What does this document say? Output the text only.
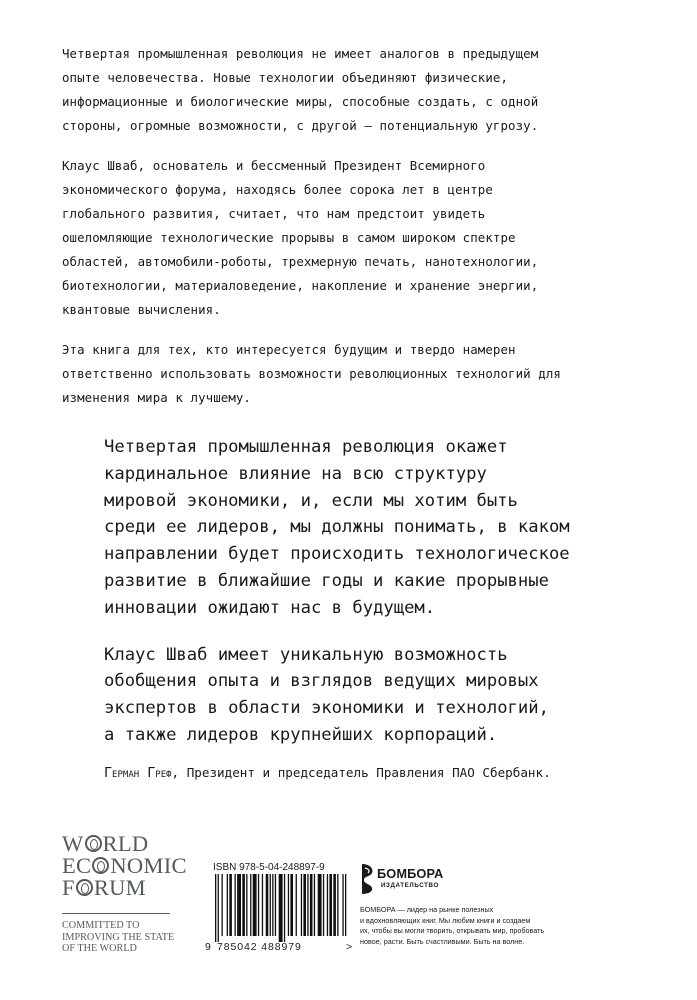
Четвертая промышленная революция не имеет аналогов в предыдущем
опыте человечества. Новые технологии объединяют физические,
информационные и биологические миры, способные создать, с одной
стороны, огромные возможности, с другой – потенциальную угрозу.

Клаус Шваб, основатель и бессменный Президент Всемирного
экономического форума, находясь более сорока лет в центре
глобального развития, считает, что нам предстоит увидеть
ошеломляющие технологические прорывы в самом широком спектре
областей, автомобили-роботы, трехмерную печать, нанотехнологии,
биотехнологии, материаловедение, накопление и хранение энергии,
квантовые вычисления.

Эта книга для тех, кто интересуется будущим и твердо намерен
ответственно использовать возможности революционных технологий для
изменения мира к лучшему.

Четвертая промышленная революция окажет
кардинальное влияние на всю структуру
мировой экономики, и, если мы хотим быть
среди ее лидеров, мы должны понимать, в каком
направлении будет происходить технологическое
развитие в ближайшие годы и какие прорывные
инновации ожидают нас в будущем.

Клаус Шваб имеет уникальную возможность
обобщения опыта и взглядов ведущих мировых
экспертов в области экономики и технологий,
а также лидеров крупнейших корпораций.

Герман Греф, Президент и председатель Правления ПАО Сбербанк.
W RLD
EC NOMIC
F RUM
COMMITTED TO
IMPROVING THE STATE
OF THE WORLD
ISBN 978-5-04-248897-9
9 785042 488979	>
БОМБОРА
ИЗДАТЕЛЬСТВО
БОМБОРА — лидер на рынке полезных
и вдохновляющих книг. Мы любим книги и создаем
их, чтобы вы могли творить, открывать мир, пробовать
новое, расти. Быть счастливыми. Быть на волне.
